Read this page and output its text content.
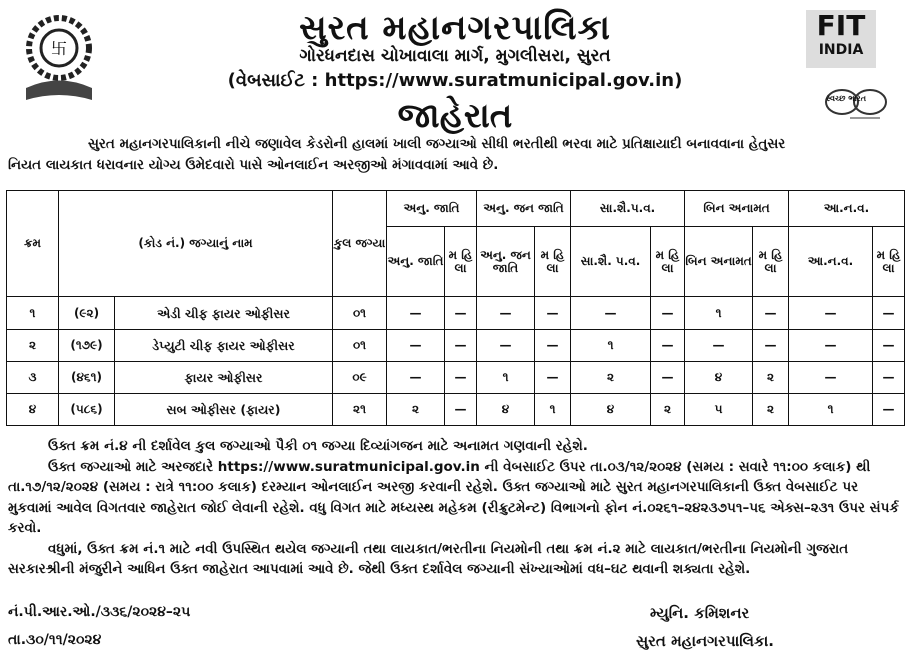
卐
સુરત મહાનગરપાલિકા
ગોરધનદાસ ચોખાવાલા માર્ગ, મુગલીસરા, સુરત
(વેબસાઈટ : https://www.suratmunicipal.gov.in)
જાહેરાત
FIT
INDIA
સ્વચ્છ ભારત
સુરત મહાનગરપાલિકાની નીચે જણાવેલ કેડરોની હાલમાં ખાલી જગ્યાઓ સીધી ભરતીથી ભરવા માટે પ્રતિક્ષાયાદી બનાવવાના હેતુસર
નિયત લાયકાત ધરાવનાર યોગ્ય ઉમેદવારો પાસે ઓનલાઈન અરજીઓ મંગાવવામાં આવે છે.
ક્રમ	(કોડ નં.) જગ્યાનું નામ		કુલ જગ્યા	અનુ. જાતિ		અનુ. જન જાતિ		સા.શૈ.પ.વ.		બિન અનામત		આ.ન.વ.	
				અનુ. જાતિ	મ હિ લા	અનુ. જન જાતિ	મ હિ લા	સા.શૈ. પ.વ.	મ હિ લા	બિન અનામત	મ હિ લા	આ.ન.વ.	મ હિ લા
૧	(૯૨)	એડી ચીફ ફાયર ઓફીસર	૦૧	—	—	—	—	—	—	૧	—	—	—
૨	(૧૭૯)	ડેપ્યુટી ચીફ ફાયર ઓફીસર	૦૧	—	—	—	—	૧	—	—	—	—	—
૩	(૪૬૧)	ફાયર ઓફીસર	૦૯	—	—	૧	—	૨	—	૪	૨	—	—
૪	(૫૮૬)	સબ ઓફીસર (ફાયર)	૨૧	૨	—	૪	૧	૪	૨	૫	૨	૧	—

ઉક્ત ક્રમ નં.૪ ની દર્શાવેલ કુલ જગ્યાઓ પૈકી ૦૧ જગ્યા દિવ્યાંગજન માટે અનામત ગણવાની રહેશે.

ઉક્ત જગ્યાઓ માટે અરજદારે https://www.suratmunicipal.gov.in ની વેબસાઈટ ઉપર તા.૦૩/૧૨/૨૦૨૪ (સમય : સવારે ૧૧:૦૦ કલાક) થી તા.૧૭/૧૨/૨૦૨૪ (સમય : રાત્રે ૧૧:૦૦ કલાક) દરમ્યાન ઓનલાઈન અરજી કરવાની રહેશે. ઉક્ત જગ્યાઓ માટે સુરત મહાનગરપાલિકાની ઉક્ત વેબસાઈટ પર મુકવામાં આવેલ વિગતવાર જાહેરાત જોઈ લેવાની રહેશે. વધુ વિગત માટે મધ્યસ્થ મહેકમ (રીક્રુટમેન્ટ) વિભાગનો ફોન નં.૦૨૬૧–૨૪૨૩૭૫૧–૫૬ એક્સ–૨૩૧ ઉપર સંપર્ક કરવો.

વધુમાં, ઉક્ત ક્રમ નં.૧ માટે નવી ઉપસ્થિત થયેલ જગ્યાની તથા લાયકાત/ભરતીના નિયમોની તથા ક્રમ નં.૨ માટે લાયકાત/ભરતીના નિયમોની ગુજરાત સરકારશ્રીની મંજુરીને આધિન ઉક્ત જાહેરાત આપવામાં આવે છે. જેથી ઉક્ત દર્શાવેલ જગ્યાની સંખ્યાઓમાં વધ–ઘટ થવાની શક્યતા રહેશે.

નં.પી.આર.ઓ./૩૩૬/૨૦૨૪–૨૫
તા.૩૦/૧૧/૨૦૨૪
મ્યુનિ. કમિશનર
સુરત મહાનગરપાલિકા.
